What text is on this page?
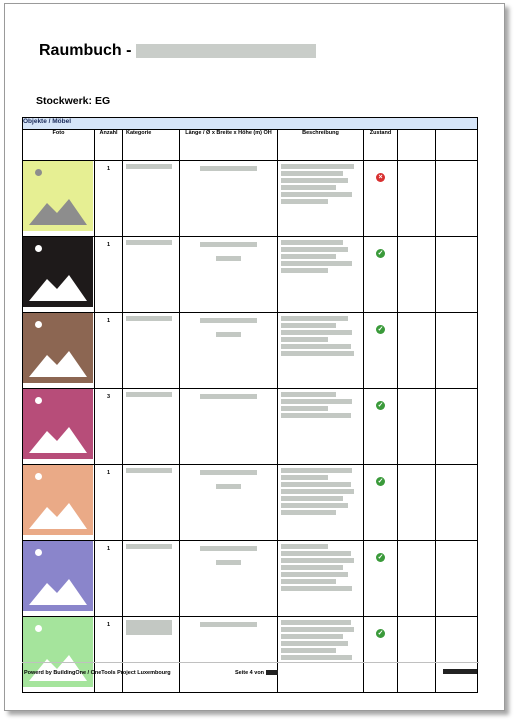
Raumbuch -
Stockwerk: EG
Objekte / Möbel							
Foto	Anzahl	Kategorie	Länge / Ø x Breite x Höhe (m) OH	Beschreibung	Zustand		

	1				×		

	1				✓		

	1				✓		

	3				✓		

	1				✓		

	1				✓		

	1				✓		
Powerd by BuildingOne / OneTools Project Luxembourg	Seite 4 von
